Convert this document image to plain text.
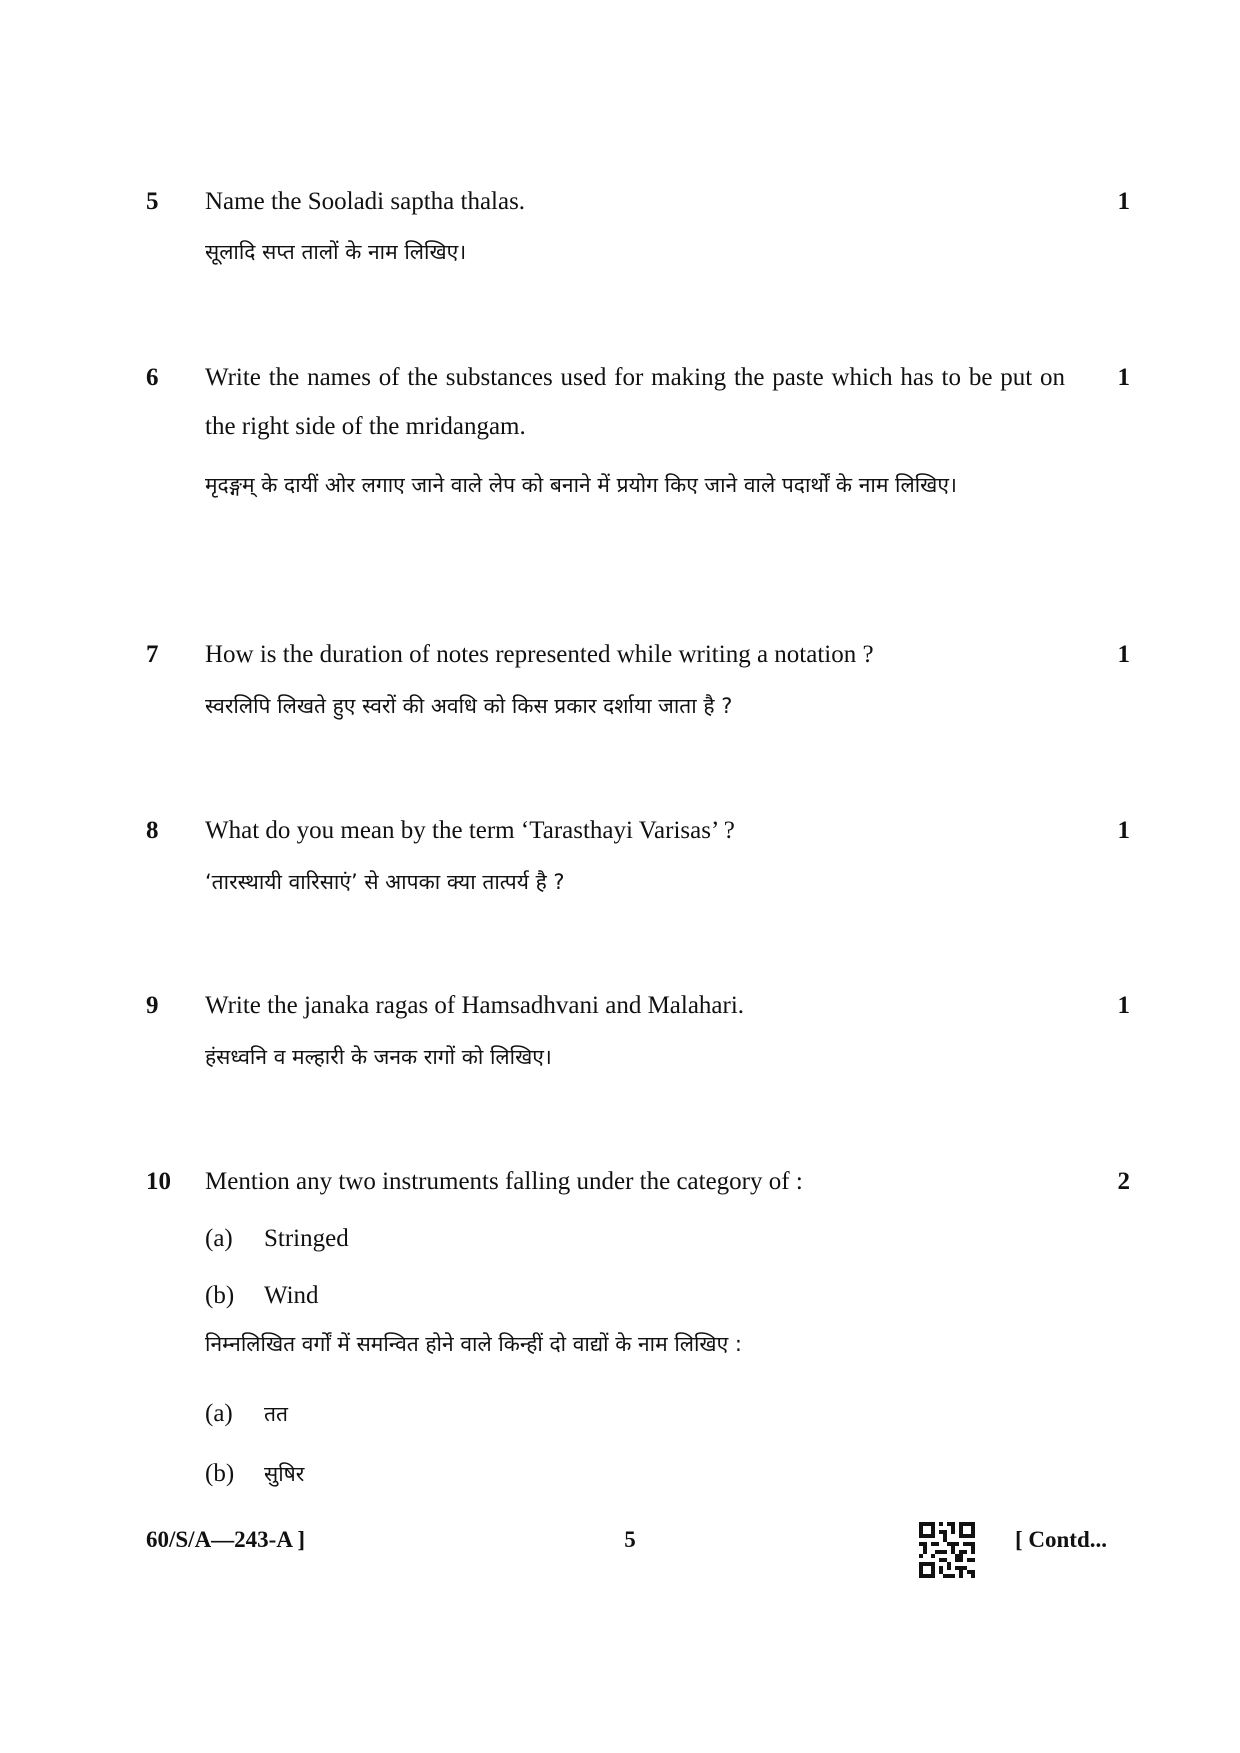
5 Name the Sooladi saptha thalas.	1
सूलादि सप्त तालों के नाम लिखिए।
6 Write the names of the substances used for making the paste which has to be put on the right side of the mridangam.
1
मृदङ्गम् के दायीं ओर लगाए जाने वाले लेप को बनाने में प्रयोग किए जाने वाले पदार्थों के नाम लिखिए।
7 How is the duration of notes represented while writing a notation ?	1
स्वरलिपि लिखते हुए स्वरों की अवधि को किस प्रकार दर्शाया जाता है ?
8 What do you mean by the term ‘Tarasthayi Varisas’ ?	1
‘तारस्थायी वारिसाएं’ से आपका क्या तात्पर्य है ?
9 Write the janaka ragas of Hamsadhvani and Malahari.	1
हंसध्वनि व मल्हारी के जनक रागों को लिखिए।
10 Mention any two instruments falling under the category of :	2
(a) Stringed
(b) Wind
निम्नलिखित वर्गों में समन्वित होने वाले किन्हीं दो वाद्यों के नाम लिखिए :
(a) तत
(b) सुषिर
60/S/A—243-A ]	5	[ Contd...
